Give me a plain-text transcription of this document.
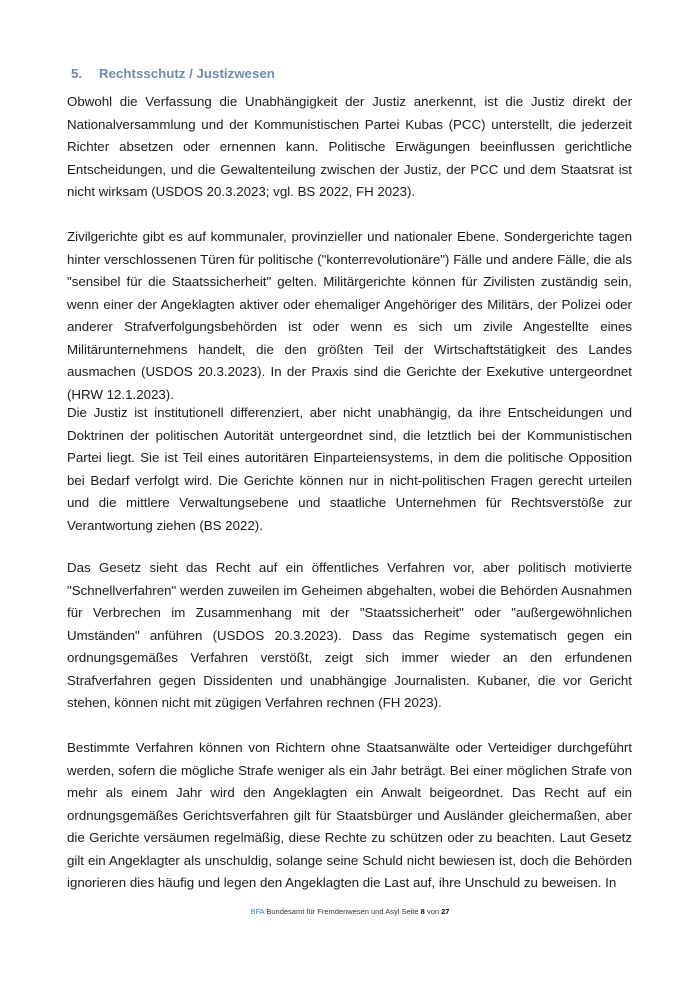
5. Rechtsschutz / Justizwesen

Obwohl die Verfassung die Unabhängigkeit der Justiz anerkennt, ist die Justiz direkt der Nationalversammlung und der Kommunistischen Partei Kubas (PCC) unterstellt, die jederzeit Richter absetzen oder ernennen kann. Politische Erwägungen beeinflussen gerichtliche Entscheidungen, und die Gewaltenteilung zwischen der Justiz, der PCC und dem Staatsrat ist nicht wirksam (USDOS 20.3.2023; vgl. BS 2022, FH 2023).

Zivilgerichte gibt es auf kommunaler, provinzieller und nationaler Ebene. Sondergerichte tagen hinter verschlossenen Türen für politische ("konterrevolutionäre") Fälle und andere Fälle, die als "sensibel für die Staatssicherheit" gelten. Militärgerichte können für Zivilisten zuständig sein, wenn einer der Angeklagten aktiver oder ehemaliger Angehöriger des Militärs, der Polizei oder anderer Strafverfolgungsbehörden ist oder wenn es sich um zivile Angestellte eines Militärunternehmens handelt, die den größten Teil der Wirtschaftstätigkeit des Landes ausmachen (USDOS 20.3.2023). In der Praxis sind die Gerichte der Exekutive untergeordnet (HRW 12.1.2023).

Die Justiz ist institutionell differenziert, aber nicht unabhängig, da ihre Entscheidungen und Doktrinen der politischen Autorität untergeordnet sind, die letztlich bei der Kommunistischen Partei liegt. Sie ist Teil eines autoritären Einparteiensystems, in dem die politische Opposition bei Bedarf verfolgt wird. Die Gerichte können nur in nicht-politischen Fragen gerecht urteilen und die mittlere Verwaltungsebene und staatliche Unternehmen für Rechtsverstöße zur Verantwortung ziehen (BS 2022).

Das Gesetz sieht das Recht auf ein öffentliches Verfahren vor, aber politisch motivierte "Schnellverfahren" werden zuweilen im Geheimen abgehalten, wobei die Behörden Ausnahmen für Verbrechen im Zusammenhang mit der "Staatssicherheit" oder "außergewöhnlichen Umständen" anführen (USDOS 20.3.2023). Dass das Regime systematisch gegen ein ordnungsgemäßes Verfahren verstößt, zeigt sich immer wieder an den erfundenen Strafverfahren gegen Dissidenten und unabhängige Journalisten. Kubaner, die vor Gericht stehen, können nicht mit zügigen Verfahren rechnen (FH 2023).

Bestimmte Verfahren können von Richtern ohne Staatsanwälte oder Verteidiger durchgeführt werden, sofern die mögliche Strafe weniger als ein Jahr beträgt. Bei einer möglichen Strafe von mehr als einem Jahr wird den Angeklagten ein Anwalt beigeordnet. Das Recht auf ein ordnungsgemäßes Gerichtsverfahren gilt für Staatsbürger und Ausländer gleichermaßen, aber die Gerichte versäumen regelmäßig, diese Rechte zu schützen oder zu beachten. Laut Gesetz gilt ein Angeklagter als unschuldig, solange seine Schuld nicht bewiesen ist, doch die Behörden ignorieren dies häufig und legen den Angeklagten die Last auf, ihre Unschuld zu beweisen. In

BFA Bundesamt für Fremdenwesen und Asyl Seite 8 von 27
